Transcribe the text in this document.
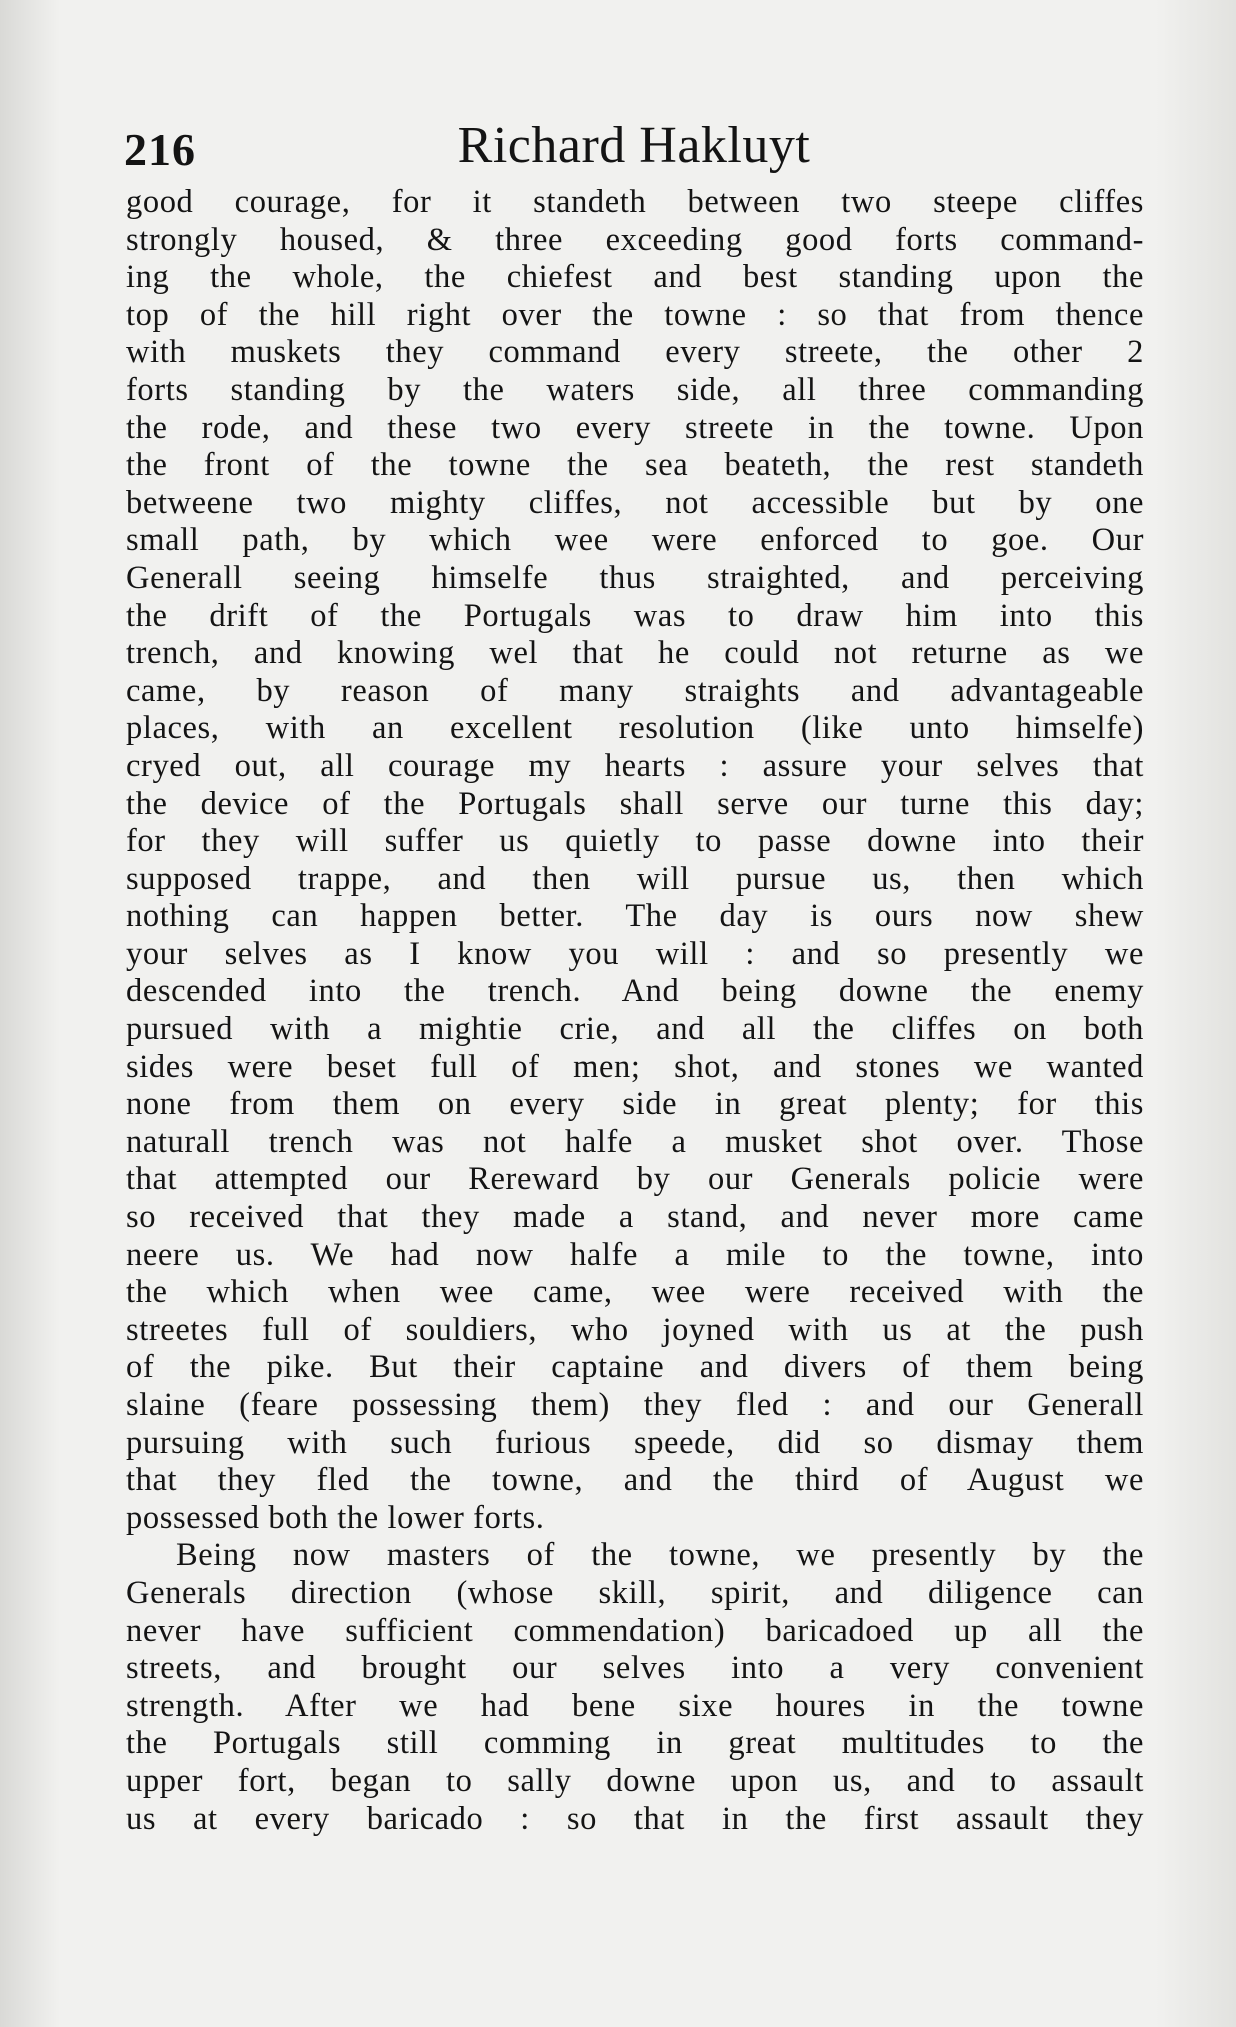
216	Richard Hakluyt
good courage, for it standeth between two steepe cliffes
strongly housed, & three exceeding good forts command-
ing the whole, the chiefest and best standing upon the
top of the hill right over the towne : so that from thence
with muskets they command every streete, the other 2
forts standing by the waters side, all three commanding
the rode, and these two every streete in the towne. Upon
the front of the towne the sea beateth, the rest standeth
betweene two mighty cliffes, not accessible but by one
small path, by which wee were enforced to goe. Our
Generall seeing himselfe thus straighted, and perceiving
the drift of the Portugals was to draw him into this
trench, and knowing wel that he could not returne as we
came, by reason of many straights and advantageable
places, with an excellent resolution (like unto himselfe)
cryed out, all courage my hearts : assure your selves that
the device of the Portugals shall serve our turne this day;
for they will suffer us quietly to passe downe into their
supposed trappe, and then will pursue us, then which
nothing can happen better. The day is ours now shew
your selves as I know you will : and so presently we
descended into the trench. And being downe the enemy
pursued with a mightie crie, and all the cliffes on both
sides were beset full of men; shot, and stones we wanted
none from them on every side in great plenty; for this
naturall trench was not halfe a musket shot over. Those
that attempted our Rereward by our Generals policie were
so received that they made a stand, and never more came
neere us. We had now halfe a mile to the towne, into
the which when wee came, wee were received with the
streetes full of souldiers, who joyned with us at the push
of the pike. But their captaine and divers of them being
slaine (feare possessing them) they fled : and our Generall
pursuing with such furious speede, did so dismay them
that they fled the towne, and the third of August we
possessed both the lower forts.
Being now masters of the towne, we presently by the
Generals direction (whose skill, spirit, and diligence can
never have sufficient commendation) baricadoed up all the
streets, and brought our selves into a very convenient
strength. After we had bene sixe houres in the towne
the Portugals still comming in great multitudes to the
upper fort, began to sally downe upon us, and to assault
us at every baricado : so that in the first assault they
